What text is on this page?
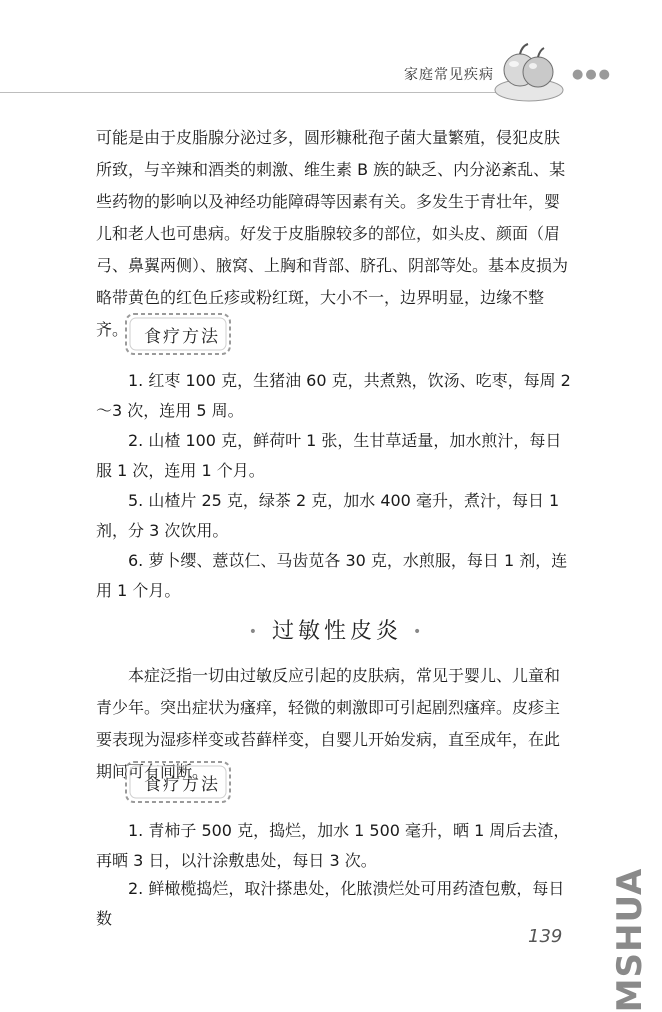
家庭常见疾病	●●●

可能是由于皮脂腺分泌过多，圆形糠秕孢子菌大量繁殖，侵犯皮肤所致，与辛辣和酒类的刺激、维生素 B 族的缺乏、内分泌紊乱、某些药物的影响以及神经功能障碍等因素有关。多发生于青壮年，婴儿和老人也可患病。好发于皮脂腺较多的部位，如头皮、颜面（眉弓、鼻翼两侧）、腋窝、上胸和背部、脐孔、阴部等处。基本皮损为略带黄色的红色丘疹或粉红斑，大小不一，边界明显，边缘不整齐。 食疗方法

1. 红枣 100 克，生猪油 60 克，共煮熟，饮汤、吃枣，每周 2～3 次，连用 5 周。

2. 山楂 100 克，鲜荷叶 1 张，生甘草适量，加水煎汁，每日服 1 次，连用 1 个月。

5. 山楂片 25 克，绿茶 2 克，加水 400 毫升，煮汁，每日 1 剂，分 3 次饮用。

6. 萝卜缨、薏苡仁、马齿苋各 30 克，水煎服，每日 1 剂，连用 1 个月。

• 过敏性皮炎 •

本症泛指一切由过敏反应引起的皮肤病，常见于婴儿、儿童和青少年。突出症状为瘙痒，轻微的刺激即可引起剧烈瘙痒。皮疹主要表现为湿疹样变或苔藓样变，自婴儿开始发病，直至成年，在此期间可有间断。

食疗方法

1. 青柿子 500 克，捣烂，加水 1 500 毫升，晒 1 周后去渣，再晒 3 日，以汁涂敷患处，每日 3 次。

2. 鲜橄榄捣烂，取汁搽患处，化脓溃烂处可用药渣包敷，每日数

139 MSHUA
